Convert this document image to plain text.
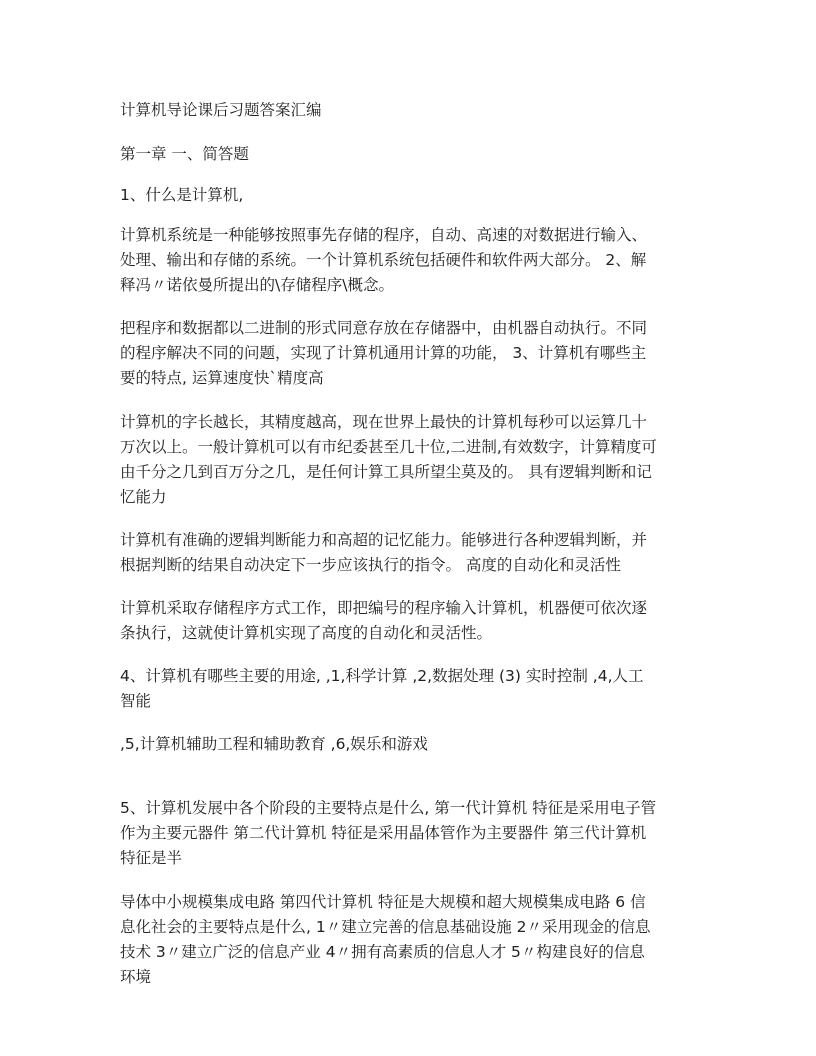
计算机导论课后习题答案汇编
第一章 一、简答题
1、什么是计算机,
计算机系统是一种能够按照事先存储的程序，自动、高速的对数据进行输入、
处理、输出和存储的系统。一个计算机系统包括硬件和软件两大部分。 2、解
释冯〃诺依曼所提出的\存储程序\概念。
把程序和数据都以二进制的形式同意存放在存储器中，由机器自动执行。不同
的程序解决不同的问题，实现了计算机通用计算的功能， 3、计算机有哪些主
要的特点, 运算速度快`精度高
计算机的字长越长，其精度越高，现在世界上最快的计算机每秒可以运算几十
万次以上。一般计算机可以有市纪委甚至几十位,二进制,有效数字，计算精度可
由千分之几到百万分之几，是任何计算工具所望尘莫及的。 具有逻辑判断和记
忆能力
计算机有准确的逻辑判断能力和高超的记忆能力。能够进行各种逻辑判断，并
根据判断的结果自动决定下一步应该执行的指令。 高度的自动化和灵活性
计算机采取存储程序方式工作，即把编号的程序输入计算机，机器便可依次逐
条执行，这就使计算机实现了高度的自动化和灵活性。
4、计算机有哪些主要的用途, ,1,科学计算 ,2,数据处理 (3) 实时控制 ,4,人工
智能
,5,计算机辅助工程和辅助教育 ,6,娱乐和游戏
5、计算机发展中各个阶段的主要特点是什么, 第一代计算机 特征是采用电子管
作为主要元器件 第二代计算机 特征是采用晶体管作为主要器件 第三代计算机
特征是半
导体中小规模集成电路 第四代计算机 特征是大规模和超大规模集成电路 6 信
息化社会的主要特点是什么, 1〃建立完善的信息基础设施 2〃采用现金的信息
技术 3〃建立广泛的信息产业 4〃拥有高素质的信息人才 5〃构建良好的信息
环境
